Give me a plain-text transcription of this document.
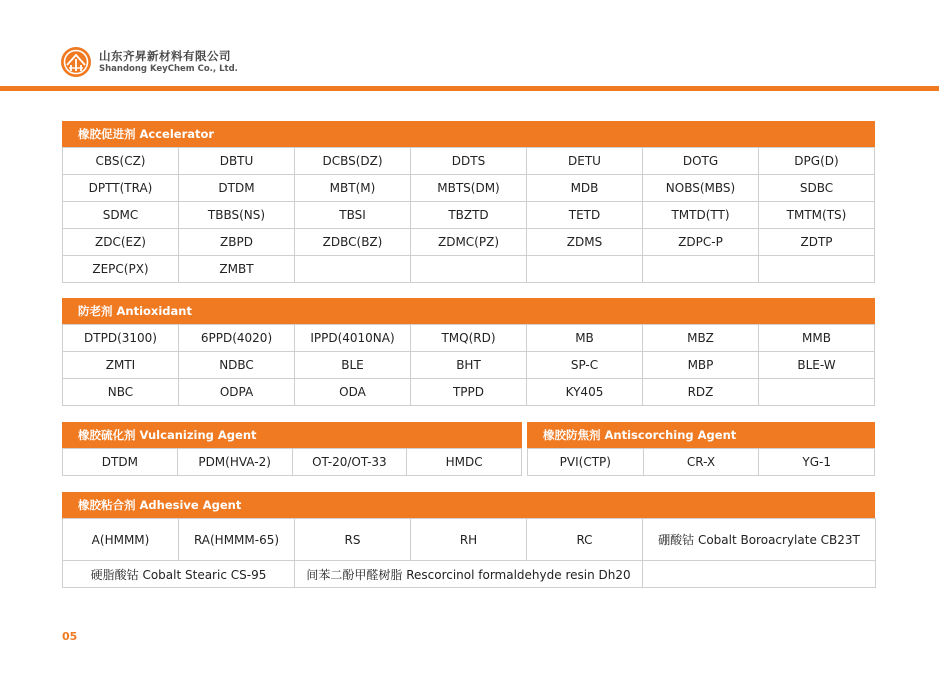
山东齐昇新材料有限公司
Shandong KeyChem Co., Ltd.
橡胶促进剂 Accelerator
CBS(CZ)	DBTU	DCBS(DZ)	DDTS	DETU	DOTG	DPG(D)
DPTT(TRA)	DTDM	MBT(M)	MBTS(DM)	MDB	NOBS(MBS)	SDBC
SDMC	TBBS(NS)	TBSI	TBZTD	TETD	TMTD(TT)	TMTM(TS)
ZDC(EZ)	ZBPD	ZDBC(BZ)	ZDMC(PZ)	ZDMS	ZDPC-P	ZDTP
ZEPC(PX)	ZMBT					
防老剂 Antioxidant
DTPD(3100)	6PPD(4020)	IPPD(4010NA)	TMQ(RD)	MB	MBZ	MMB
ZMTI	NDBC	BLE	BHT	SP-C	MBP	BLE-W
NBC	ODPA	ODA	TPPD	KY405	RDZ	
橡胶硫化剂 Vulcanizing Agent
DTDM	PDM(HVA-2)	OT-20/OT-33	HMDC
橡胶防焦剂 Antiscorching Agent
PVI(CTP)	CR-X	YG-1
橡胶粘合剂 Adhesive Agent
A(HMMM)	RA(HMMM-65)	RS	RH	RC	硼酸钴 Cobalt Boroacrylate CB23T
硬脂酸钴 Cobalt Stearic CS-95		间苯二酚甲醛树脂 Rescorcinol formaldehyde resin Dh20			
05
